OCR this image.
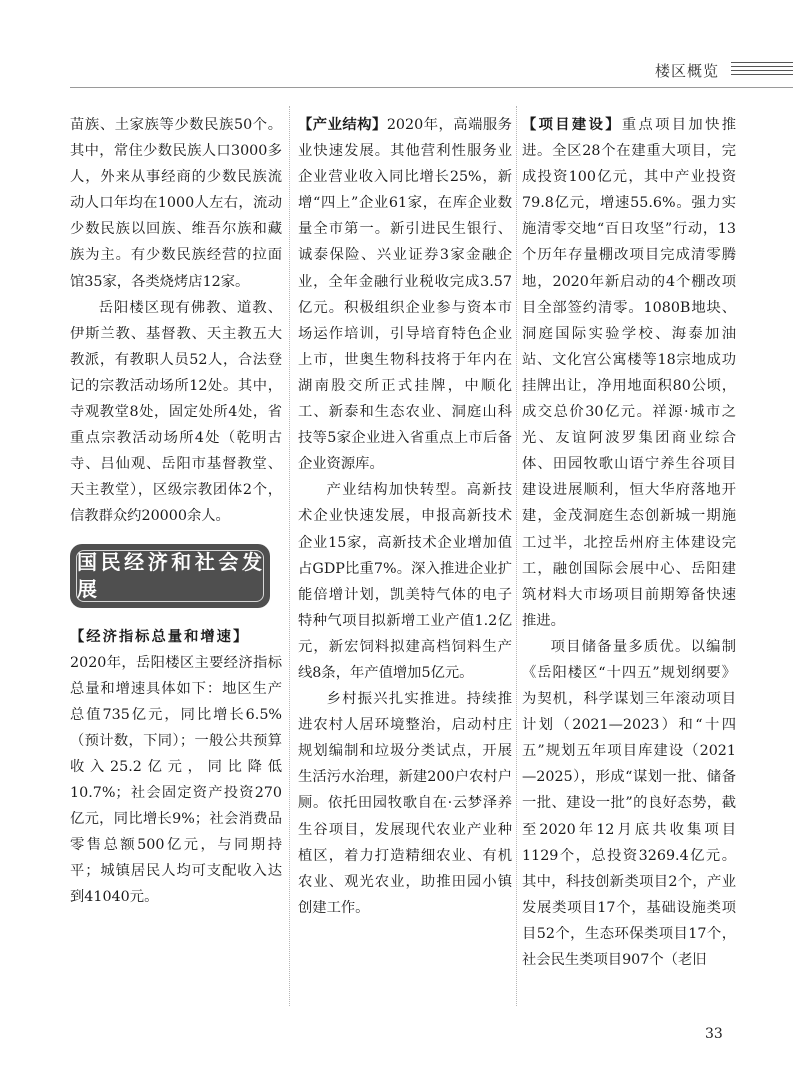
楼区概览

苗族、土家族等少数民族50个。其中，常住少数民族人口3000多人，外来从事经商的少数民族流动人口年均在1000人左右，流动少数民族以回族、维吾尔族和藏族为主。有少数民族经营的拉面馆35家，各类烧烤店12家。

岳阳楼区现有佛教、道教、伊斯兰教、基督教、天主教五大教派，有教职人员52人，合法登记的宗教活动场所12处。其中，寺观教堂8处，固定处所4处，省重点宗教活动场所4处（乾明古寺、吕仙观、岳阳市基督教堂、天主教堂），区级宗教团体2个，信教群众约20000余人。

国民经济和社会发展

【经济指标总量和增速】

2020年，岳阳楼区主要经济指标总量和增速具体如下：地区生产总值735亿元，同比增长6.5%（预计数，下同）；一般公共预算收入25.2亿元，同比降低10.7%；社会固定资产投资270亿元，同比增长9%；社会消费品零售总额500亿元，与同期持平；城镇居民人均可支配收入达到41040元。

【产业结构】2020年，高端服务业快速发展。其他营利性服务业企业营业收入同比增长25%，新增“四上”企业61家，在库企业数量全市第一。新引进民生银行、诚泰保险、兴业证券3家金融企业，全年金融行业税收完成3.57亿元。积极组织企业参与资本市场运作培训，引导培育特色企业上市，世奥生物科技将于年内在湖南股交所正式挂牌，中顺化工、新泰和生态农业、洞庭山科技等5家企业进入省重点上市后备企业资源库。

产业结构加快转型。高新技术企业快速发展，申报高新技术企业15家，高新技术企业增加值占GDP比重7%。深入推进企业扩能倍增计划，凯美特气体的电子特种气项目拟新增工业产值1.2亿元，新宏饲料拟建高档饲料生产线8条，年产值增加5亿元。

乡村振兴扎实推进。持续推进农村人居环境整治，启动村庄规划编制和垃圾分类试点，开展生活污水治理，新建200户农村户厕。依托田园牧歌自在·云梦泽养生谷项目，发展现代农业产业种植区，着力打造精细农业、有机农业、观光农业，助推田园小镇创建工作。

【项目建设】重点项目加快推进。全区28个在建重大项目，完成投资100亿元，其中产业投资79.8亿元，增速55.6%。强力实施清零交地“百日攻坚”行动，13个历年存量棚改项目完成清零腾地，2020年新启动的4个棚改项目全部签约清零。1080B地块、洞庭国际实验学校、海泰加油站、文化宫公寓楼等18宗地成功挂牌出让，净用地面积80公顷，成交总价30亿元。祥源·城市之光、友谊阿波罗集团商业综合体、田园牧歌山语宁养生谷项目建设进展顺利，恒大华府落地开建，金茂洞庭生态创新城一期施工过半，北控岳州府主体建设完工，融创国际会展中心、岳阳建筑材料大市场项目前期筹备快速推进。

项目储备量多质优。以编制《岳阳楼区“十四五”规划纲要》为契机，科学谋划三年滚动项目计划（2021—2023）和“十四五”规划五年项目库建设（2021—2025），形成“谋划一批、储备一批、建设一批”的良好态势，截至2020年12月底共收集项目1129个，总投资3269.4亿元。其中，科技创新类项目2个，产业发展类项目17个，基础设施类项目52个，生态环保类项目17个，社会民生类项目907个（老旧

33
